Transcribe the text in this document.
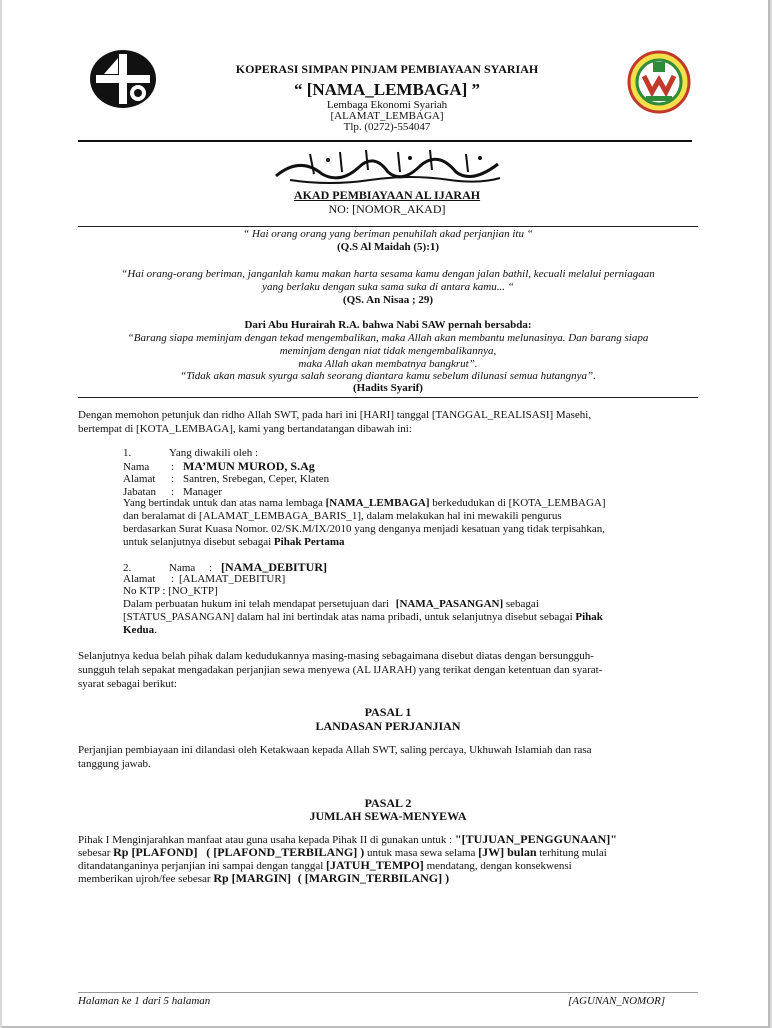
KOPERASI SIMPAN PINJAM PEMBIAYAAN SYARIAH
“ [NAMA_LEMBAGA] ”
Lembaga Ekonomi Syariah
[ALAMAT_LEMBAGA]
Tlp. (0272)-554047
AKAD PEMBIAYAAN AL IJARAH
NO: [NOMOR_AKAD]
“ Hai orang orang yang beriman penuhilah akad perjanjian itu “
(Q.S Al Maidah (5):1)
“Hai orang-orang beriman, janganlah kamu makan harta sesama kamu dengan jalan bathil, kecuali melalui perniagaan
yang berlaku dengan suka sama suka di antara kamu... “
(QS. An Nisaa ; 29)
Dari Abu Hurairah R.A. bahwa Nabi SAW pernah bersabda:
“Barang siapa meminjam dengan tekad mengembalikan, maka Allah akan membantu melunasinya. Dan barang siapa
meminjam dengan niat tidak mengembalikannya,
maka Allah akan membatnya bangkrut”.
“Tidak akan masuk syurga salah seorang diantara kamu sebelum dilunasi semua hutangnya”.
(Hadits Syarif)
Dengan memohon petunjuk dan ridho Allah SWT, pada hari ini [HARI] tanggal [TANGGAL_REALISASI] Masehi,
bertempat di [KOTA_LEMBAGA], kami yang bertandatangan dibawah ini:
1.	Yang diwakili oleh :
Nama : MA’MUN MUROD, S.Ag
Alamat : Santren, Srebegan, Ceper, Klaten
Jabatan : Manager
Yang bertindak untuk dan atas nama lembaga [NAMA_LEMBAGA] berkedudukan di [KOTA_LEMBAGA]
dan beralamat di [ALAMAT_LEMBAGA_BARIS_1], dalam melakukan hal ini mewakili pengurus
berdasarkan Surat Kuasa Nomor. 02/SK.M/IX/2010 yang denganya menjadi kesatuan yang tidak terpisahkan,
untuk selanjutnya disebut sebagai Pihak Pertama
2.	Nama : [NAMA_DEBITUR]
Alamat : [ALAMAT_DEBITUR]
No KTP : [NO_KTP]
Dalam perbuatan hukum ini telah mendapat persetujuan dari [NAMA_PASANGAN] sebagai
[STATUS_PASANGAN] dalam hal ini bertindak atas nama pribadi, untuk selanjutnya disebut sebagai Pihak
Kedua.
Selanjutnya kedua belah pihak dalam kedudukannya masing-masing sebagaimana disebut diatas dengan bersungguh-
sungguh telah sepakat mengadakan perjanjian sewa menyewa (AL IJARAH) yang terikat dengan ketentuan dan syarat-
syarat sebagai berikut:
PASAL 1
LANDASAN PERJANJIAN
Perjanjian pembiayaan ini dilandasi oleh Ketakwaan kepada Allah SWT, saling percaya, Ukhuwah Islamiah dan rasa
tanggung jawab.
PASAL 2
JUMLAH SEWA-MENYEWA
Pihak I Menginjarahkan manfaat atau guna usaha kepada Pihak II di gunakan untuk : "[TUJUAN_PENGGUNAAN]"
sebesar Rp [PLAFOND] ( [PLAFOND_TERBILANG] ) untuk masa sewa selama [JW] bulan terhitung mulai
ditandatanganinya perjanjian ini sampai dengan tanggal [JATUH_TEMPO] mendatang, dengan konsekwensi
memberikan ujroh/fee sebesar Rp [MARGIN] ( [MARGIN_TERBILANG] )
Halaman ke 1 dari 5 halaman	[AGUNAN_NOMOR]
